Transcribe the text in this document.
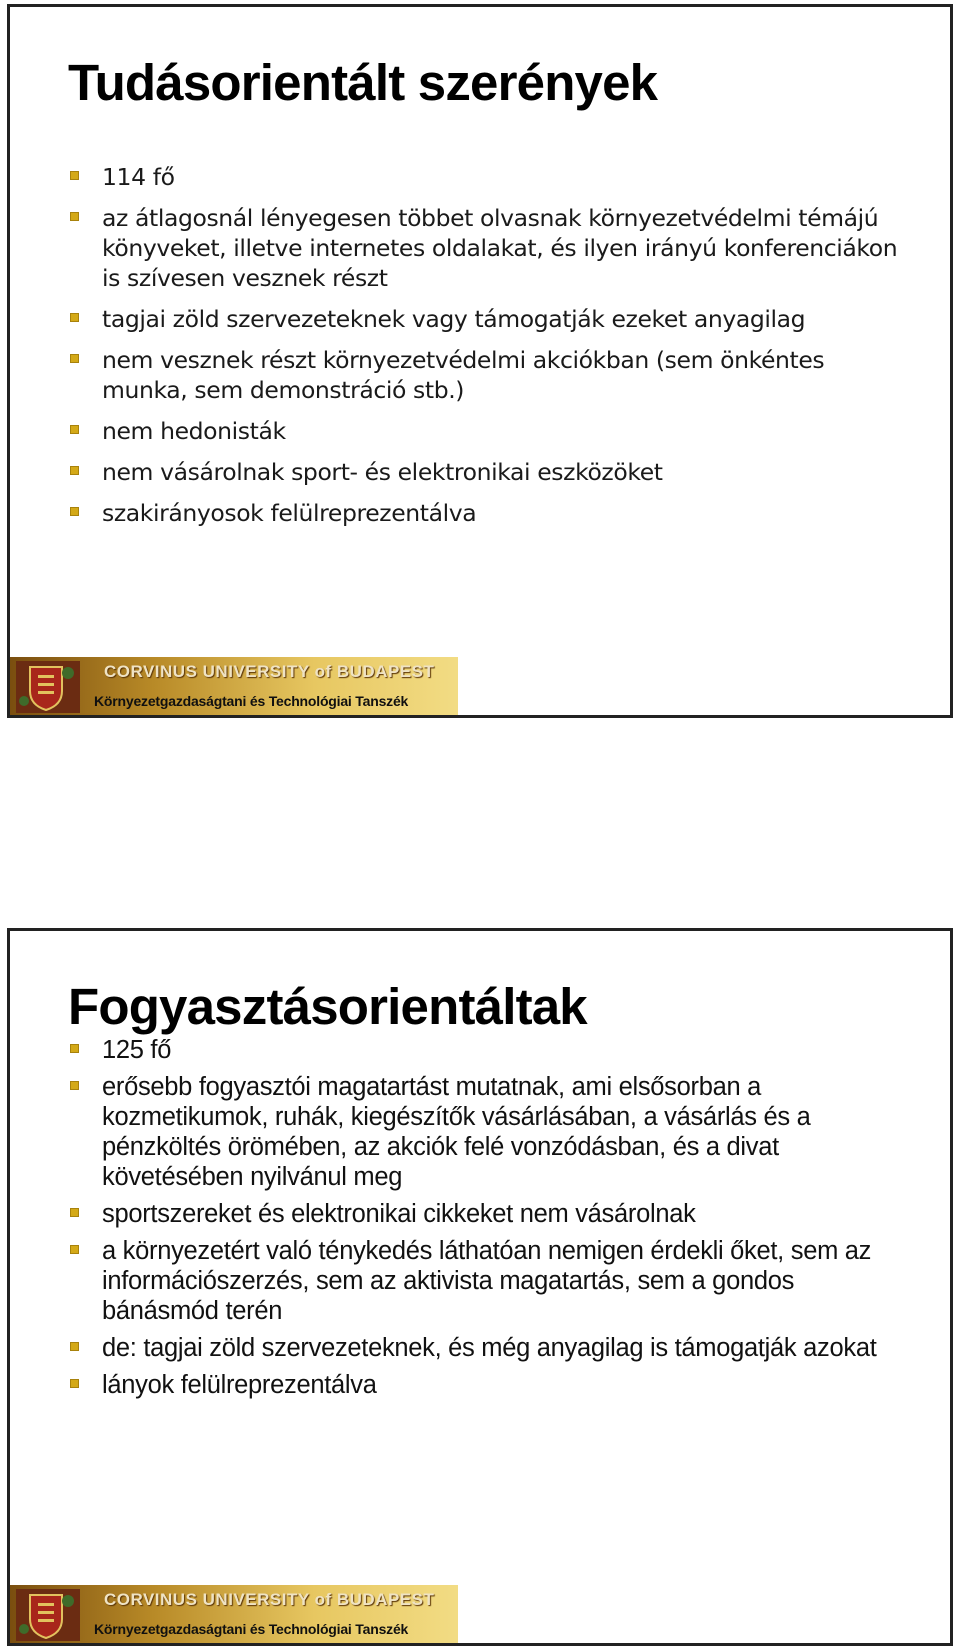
Tudásorientált szerények
114 fő
az átlagosnál lényegesen többet olvasnak környezetvédelmi témájú könyveket, illetve internetes oldalakat, és ilyen irányú konferenciákon is szívesen vesznek részt
tagjai zöld szervezeteknek vagy támogatják ezeket anyagilag
nem vesznek részt környezetvédelmi akciókban (sem önkéntes munka, sem demonstráció stb.)
nem hedonisták
nem vásárolnak sport- és elektronikai eszközöket
szakirányosok felülreprezentálva
CORVINUS UNIVERSITY of BUDAPEST
Környezetgazdaságtani és Technológiai Tanszék
Fogyasztásorientáltak
125 fő
erősebb fogyasztói magatartást mutatnak, ami elsősorban a kozmetikumok, ruhák, kiegészítők vásárlásában, a vásárlás és a pénzköltés örömében, az akciók felé vonzódásban, és a divat követésében nyilvánul meg
sportszereket és elektronikai cikkeket nem vásárolnak
a környezetért való ténykedés láthatóan nemigen érdekli őket, sem az információszerzés, sem az aktivista magatartás, sem a gondos bánásmód terén
de: tagjai zöld szervezeteknek, és még anyagilag is támogatják azokat
lányok felülreprezentálva
CORVINUS UNIVERSITY of BUDAPEST
Környezetgazdaságtani és Technológiai Tanszék
